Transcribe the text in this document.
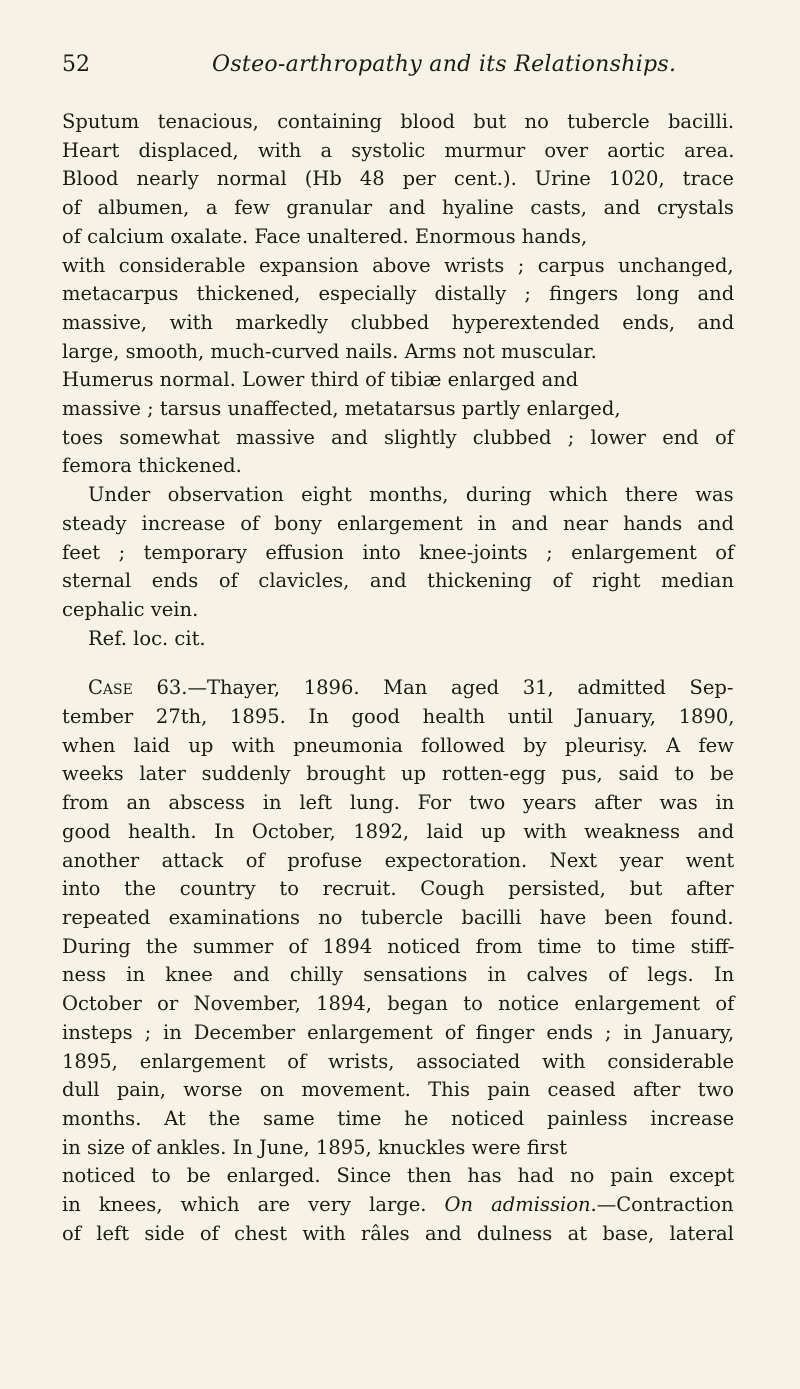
52	Osteo-arthropathy and its Relationships.
Sputum tenacious, containing blood but no tubercle bacilli.
Heart displaced, with a systolic murmur over aortic area.
Blood nearly normal (Hb 48 per cent.). Urine 1020, trace
of albumen, a few granular and hyaline casts, and crystals
of calcium oxalate. Face unaltered. Enormous hands,
with considerable expansion above wrists ; carpus unchanged,
metacarpus thickened, especially distally ; fingers long and
massive, with markedly clubbed hyperextended ends, and
large, smooth, much-curved nails. Arms not muscular.
Humerus normal. Lower third of tibiæ enlarged and
massive ; tarsus unaffected, metatarsus partly enlarged,
toes somewhat massive and slightly clubbed ; lower end of
femora thickened.
Under observation eight months, during which there was
steady increase of bony enlargement in and near hands and
feet ; temporary effusion into knee-joints ; enlargement of
sternal ends of clavicles, and thickening of right median
cephalic vein.
Ref. loc. cit.
Case 63.—Thayer, 1896. Man aged 31, admitted Sep-
tember 27th, 1895. In good health until January, 1890,
when laid up with pneumonia followed by pleurisy. A few
weeks later suddenly brought up rotten-egg pus, said to be
from an abscess in left lung. For two years after was in
good health. In October, 1892, laid up with weakness and
another attack of profuse expectoration. Next year went
into the country to recruit. Cough persisted, but after
repeated examinations no tubercle bacilli have been found.
During the summer of 1894 noticed from time to time stiff-
ness in knee and chilly sensations in calves of legs. In
October or November, 1894, began to notice enlargement of
insteps ; in December enlargement of finger ends ; in January,
1895, enlargement of wrists, associated with considerable
dull pain, worse on movement. This pain ceased after two
months. At the same time he noticed painless increase
in size of ankles. In June, 1895, knuckles were first
noticed to be enlarged. Since then has had no pain except
in knees, which are very large. On admission.—Contraction
of left side of chest with râles and dulness at base, lateral
